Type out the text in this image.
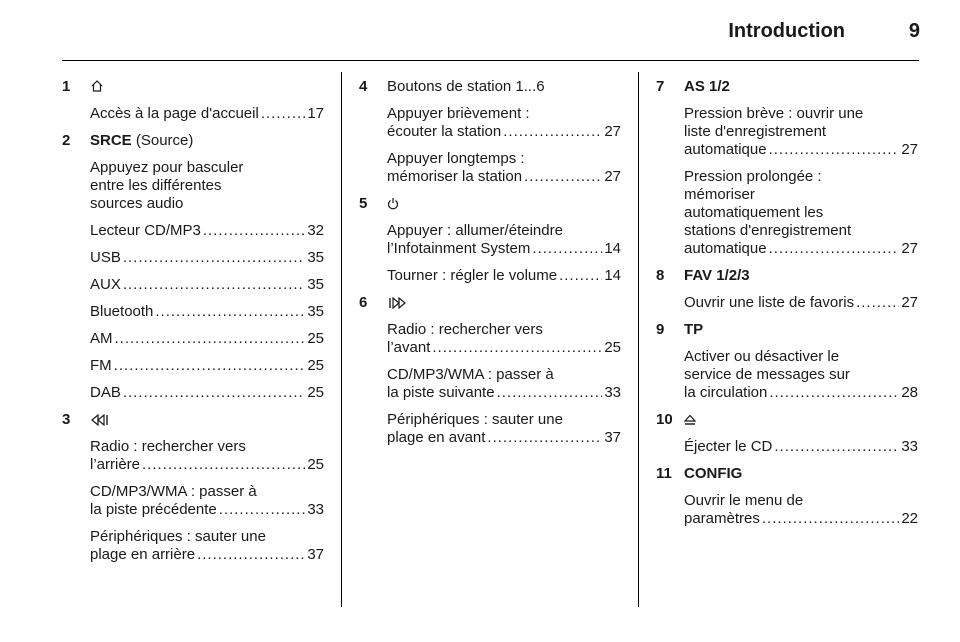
Introduction	9
1
Accès à la page d'accueil .....	17
2	SRCE (Source)
Appuyez pour basculer
entre les différentes
sources audio
Lecteur CD/MP3 .....	32
USB .....	35
AUX .....	35
Bluetooth .....	35
AM .....	25
FM .....	25
DAB .....	25
3
Radio : rechercher vers
l’arrière .....	25
CD/MP3/WMA : passer à
la piste précédente .....	33
Périphériques : sauter une
plage en arrière .....	37
4	Boutons de station 1...6
Appuyer brièvement :
écouter la station .....	27
Appuyer longtemps :
mémoriser la station .....	27
5
Appuyer : allumer/éteindre
l’Infotainment System .....	14
Tourner : régler le volume .....	14
6
Radio : rechercher vers
l’avant .....	25
CD/MP3/WMA : passer à
la piste suivante .....	33
Périphériques : sauter une
plage en avant .....	37
7	AS 1/2
Pression brève : ouvrir une
liste d'enregistrement
automatique .....	27
Pression prolongée :
mémoriser
automatiquement les
stations d'enregistrement
automatique .....	27
8	FAV 1/2/3
Ouvrir une liste de favoris .....	27
9	TP
Activer ou désactiver le
service de messages sur
la circulation .....	28
10
Éjecter le CD .....	33
11 CONFIG
Ouvrir le menu de
paramètres .....	22
